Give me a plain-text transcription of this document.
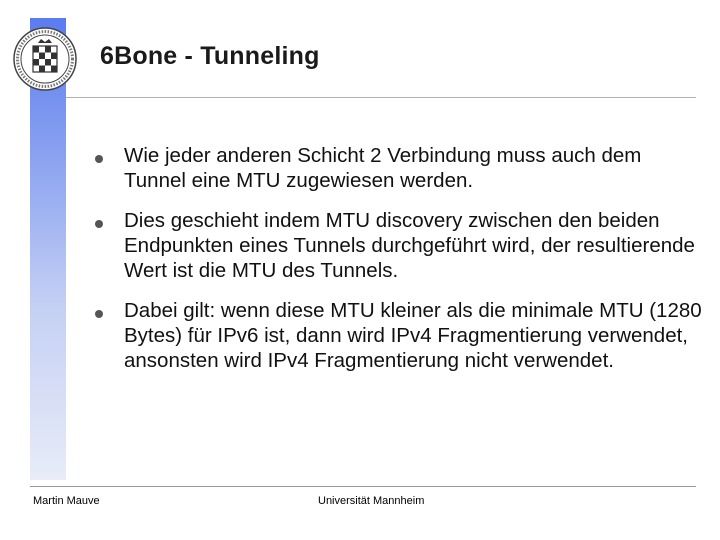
6Bone - Tunneling
Wie jeder anderen Schicht 2 Verbindung muss auch dem Tunnel eine MTU zugewiesen werden.
Dies geschieht indem MTU discovery zwischen den beiden Endpunkten eines Tunnels durchgeführt wird, der resultierende Wert ist die MTU des Tunnels.
Dabei gilt: wenn diese MTU kleiner als die minimale MTU (1280 Bytes) für IPv6 ist, dann wird IPv4 Fragmentierung verwendet, ansonsten wird IPv4 Fragmentierung nicht verwendet.
Martin Mauve	Universität Mannheim
